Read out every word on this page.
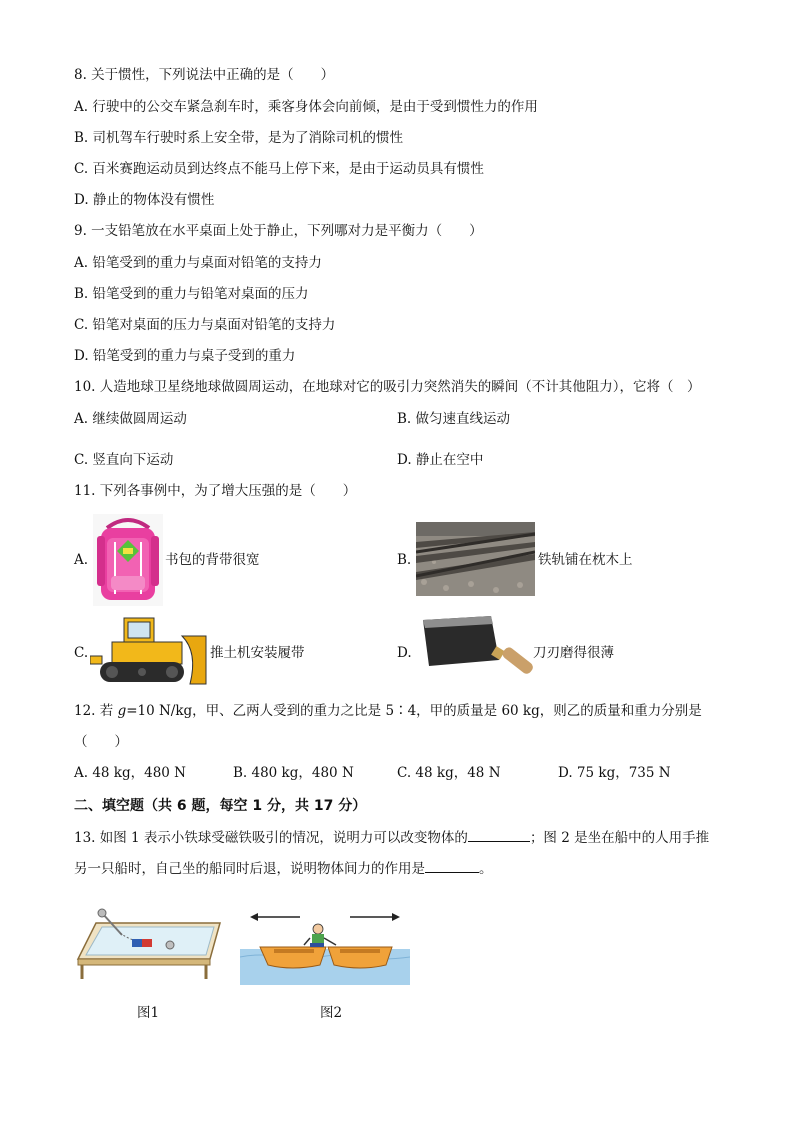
8. 关于惯性，下列说法中正确的是（　　）
A. 行驶中的公交车紧急刹车时，乘客身体会向前倾，是由于受到惯性力的作用
B. 司机驾车行驶时系上安全带，是为了消除司机的惯性
C. 百米赛跑运动员到达终点不能马上停下来，是由于运动员具有惯性
D. 静止的物体没有惯性
9. 一支铅笔放在水平桌面上处于静止，下列哪对力是平衡力（　　）
A. 铅笔受到的重力与桌面对铅笔的支持力
B. 铅笔受到的重力与铅笔对桌面的压力
C. 铅笔对桌面的压力与桌面对铅笔的支持力
D. 铅笔受到的重力与桌子受到的重力
10. 人造地球卫星绕地球做圆周运动，在地球对它的吸引力突然消失的瞬间（不计其他阻力），它将（　）
A. 继续做圆周运动	B. 做匀速直线运动
C. 竖直向下运动	D. 静止在空中
11. 下列各事例中，为了增大压强的是（　　）
A.	书包的背带很宽	B.	铁轨铺在枕木上
C.	推土机安装履带	D.	刀刃磨得很薄
12. 若 g=10 N/kg，甲、乙两人受到的重力之比是 5∶4，甲的质量是 60 kg，则乙的质量和重力分别是
（　　）
A. 48 kg，480 N	B. 480 kg，480 N	C. 48 kg，48 N	D. 75 kg，735 N
二、填空题（共 6 题，每空 1 分，共 17 分）
13. 如图 1 表示小铁球受磁铁吸引的情况，说明力可以改变物体的	；图 2 是坐在船中的人用手推
另一只船时，自己坐的船同时后退，说明物体间力的作用是	。
图1	图2
